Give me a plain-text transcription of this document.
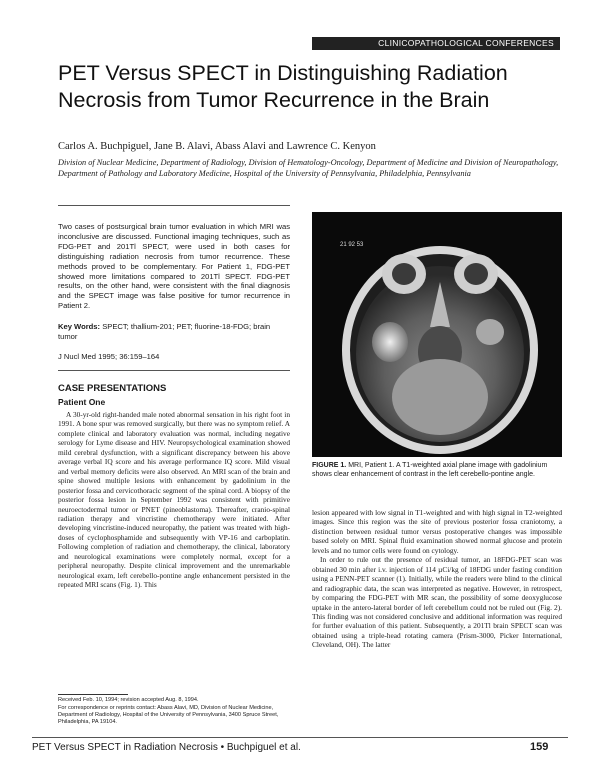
CLINICOPATHOLOGICAL CONFERENCES
PET Versus SPECT in Distinguishing Radiation Necrosis from Tumor Recurrence in the Brain
Carlos A. Buchpiguel, Jane B. Alavi, Abass Alavi and Lawrence C. Kenyon
Division of Nuclear Medicine, Department of Radiology, Division of Hematology-Oncology, Department of Medicine and Division of Neuropathology, Department of Pathology and Laboratory Medicine, Hospital of the University of Pennsylvania, Philadelphia, Pennsylvania
Two cases of postsurgical brain tumor evaluation in which MRI was inconclusive are discussed. Functional imaging techniques, such as FDG-PET and 201Tl SPECT, were used in both cases for distinguishing radiation necrosis from tumor recurrence. These methods proved to be complementary. For Patient 1, FDG-PET showed more limitations compared to 201Tl SPECT. FDG-PET results, on the other hand, were consistent with the final diagnosis and the SPECT image was false positive for tumor recurrence in Patient 2.
Key Words: SPECT; thallium-201; PET; fluorine-18-FDG; brain tumor
J Nucl Med 1995; 36:159–164
CASE PRESENTATIONS
Patient One
A 30-yr-old right-handed male noted abnormal sensation in his right foot in 1991. A bone spur was removed surgically, but there was no symptom relief. A complete clinical and laboratory evaluation was normal, including negative serology for Lyme disease and HIV. Neuropsychological examination showed mild cerebral dysfunction, with a significant discrepancy between his above average verbal IQ score and his average performance IQ score. Mild visual and verbal memory deficits were also observed. An MRI scan of the brain and spine showed multiple lesions with enhancement by gadolinium in the posterior fossa and cervicothoracic segment of the spinal cord. A biopsy of the posterior fossa lesion in September 1992 was consistent with primitive neuroectodermal tumor or PNET (pineoblastoma). Thereafter, cranio-spinal radiation therapy and vincristine chemotherapy were initiated. After developing vincristine-induced neuropathy, the patient was treated with high-doses of cyclophosphamide and subsequently with VP-16 and carboplatin. Following completion of radiation and chemotherapy, the clinical, laboratory and neurological examinations were completely normal, except for a peripheral neuropathy. Despite clinical improvement and the unremarkable neurological exam, left cerebello-pontine angle enhancement persisted in the repeated MRI scans (Fig. 1). This
21 92 53
FIGURE 1. MRI, Patient 1. A T1-weighted axial plane image with gadolinium shows clear enhancement of contrast in the left cerebello-pontine angle.

lesion appeared with low signal in T1-weighted and with high signal in T2-weighted images. Since this region was the site of previous posterior fossa craniotomy, a distinction between residual tumor versus postoperative changes was impossible based solely on MRI. Spinal fluid examination showed normal glucose and protein levels and no tumor cells were found on cytology.

In order to rule out the presence of residual tumor, an 18FDG-PET scan was obtained 30 min after i.v. injection of 114 µCi/kg of 18FDG under fasting condition using a PENN-PET scanner (1). Initially, while the readers were blind to the clinical and radiographic data, the scan was interpreted as negative. However, in retrospect, by comparing the FDG-PET with MR scan, the possibility of some deoxyglucose uptake in the antero-lateral border of left cerebellum could not be ruled out (Fig. 2). This finding was not considered conclusive and additional information was required for further evaluation of this patient. Subsequently, a 201Tl brain SPECT scan was obtained using a triple-head rotating camera (Prism-3000, Picker International, Cleveland, OH). The latter

Received Feb. 10, 1994; revision accepted Aug. 8, 1994.

For correspondence or reprints contact: Abass Alavi, MD, Division of Nuclear Medicine, Department of Radiology, Hospital of the University of Pennsylvania, 3400 Spruce Street, Philadelphia, PA 19104.

PET Versus SPECT in Radiation Necrosis • Buchpiguel et al.	159
